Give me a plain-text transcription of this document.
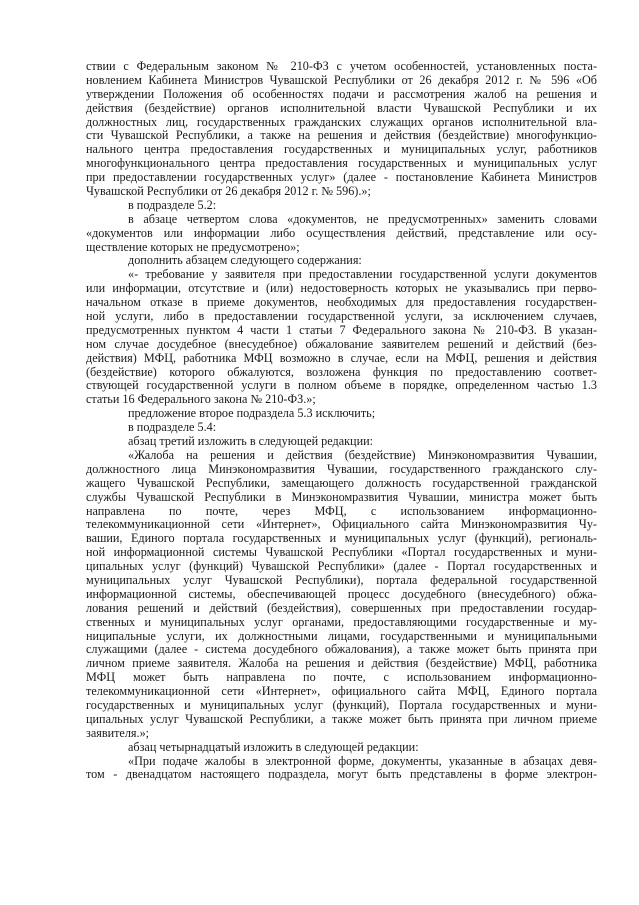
ствии с Федеральным законом № 210-ФЗ с учетом особенностей, установленных поста-
новлением Кабинета Министров Чувашской Республики от 26 декабря 2012 г. № 596 «Об
утверждении Положения об особенностях подачи и рассмотрения жалоб на решения и
действия (бездействие) органов исполнительной власти Чувашской Республики и их
должностных лиц, государственных гражданских служащих органов исполнительной вла-
сти Чувашской Республики, а также на решения и действия (бездействие) многофункцио-
нального центра предоставления государственных и муниципальных услуг, работников
многофункционального центра предоставления государственных и муниципальных услуг
при предоставлении государственных услуг» (далее - постановление Кабинета Министров
Чувашской Республики от 26 декабря 2012 г. № 596).»;
в подразделе 5.2:
в абзаце четвертом слова «документов, не предусмотренных» заменить словами
«документов или информации либо осуществления действий, представление или осу-
ществление которых не предусмотрено»;
дополнить абзацем следующего содержания:
«- требование у заявителя при предоставлении государственной услуги документов
или информации, отсутствие и (или) недостоверность которых не указывались при перво-
начальном отказе в приеме документов, необходимых для предоставления государствен-
ной услуги, либо в предоставлении государственной услуги, за исключением случаев,
предусмотренных пунктом 4 части 1 статьи 7 Федерального закона № 210-ФЗ. В указан-
ном случае досудебное (внесудебное) обжалование заявителем решений и действий (без-
действия) МФЦ, работника МФЦ возможно в случае, если на МФЦ, решения и действия
(бездействие) которого обжалуются, возложена функция по предоставлению соответ-
ствующей государственной услуги в полном объеме в порядке, определенном частью 1.3
статьи 16 Федерального закона № 210-ФЗ.»;
предложение второе подраздела 5.3 исключить;
в подразделе 5.4:
абзац третий изложить в следующей редакции:
«Жалоба на решения и действия (бездействие) Минэкономразвития Чувашии,
должностного лица Минэкономразвития Чувашии, государственного гражданского слу-
жащего Чувашской Республики, замещающего должность государственной гражданской
службы Чувашской Республики в Минэкономразвития Чувашии, министра может быть
направлена по почте, через МФЦ, с использованием информационно-
телекоммуникационной сети «Интернет», Официального сайта Минэкономразвития Чу-
вашии, Единого портала государственных и муниципальных услуг (функций), региональ-
ной информационной системы Чувашской Республики «Портал государственных и муни-
ципальных услуг (функций) Чувашской Республики» (далее - Портал государственных и
муниципальных услуг Чувашской Республики), портала федеральной государственной
информационной системы, обеспечивающей процесс досудебного (внесудебного) обжа-
лования решений и действий (бездействия), совершенных при предоставлении государ-
ственных и муниципальных услуг органами, предоставляющими государственные и му-
ниципальные услуги, их должностными лицами, государственными и муниципальными
служащими (далее - система досудебного обжалования), а также может быть принята при
личном приеме заявителя. Жалоба на решения и действия (бездействие) МФЦ, работника
МФЦ может быть направлена по почте, с использованием информационно-
телекоммуникационной сети «Интернет», официального сайта МФЦ, Единого портала
государственных и муниципальных услуг (функций), Портала государственных и муни-
ципальных услуг Чувашской Республики, а также может быть принята при личном приеме
заявителя.»;
абзац четырнадцатый изложить в следующей редакции:
«При подаче жалобы в электронной форме, документы, указанные в абзацах девя-
том - двенадцатом настоящего подраздела, могут быть представлены в форме электрон-
